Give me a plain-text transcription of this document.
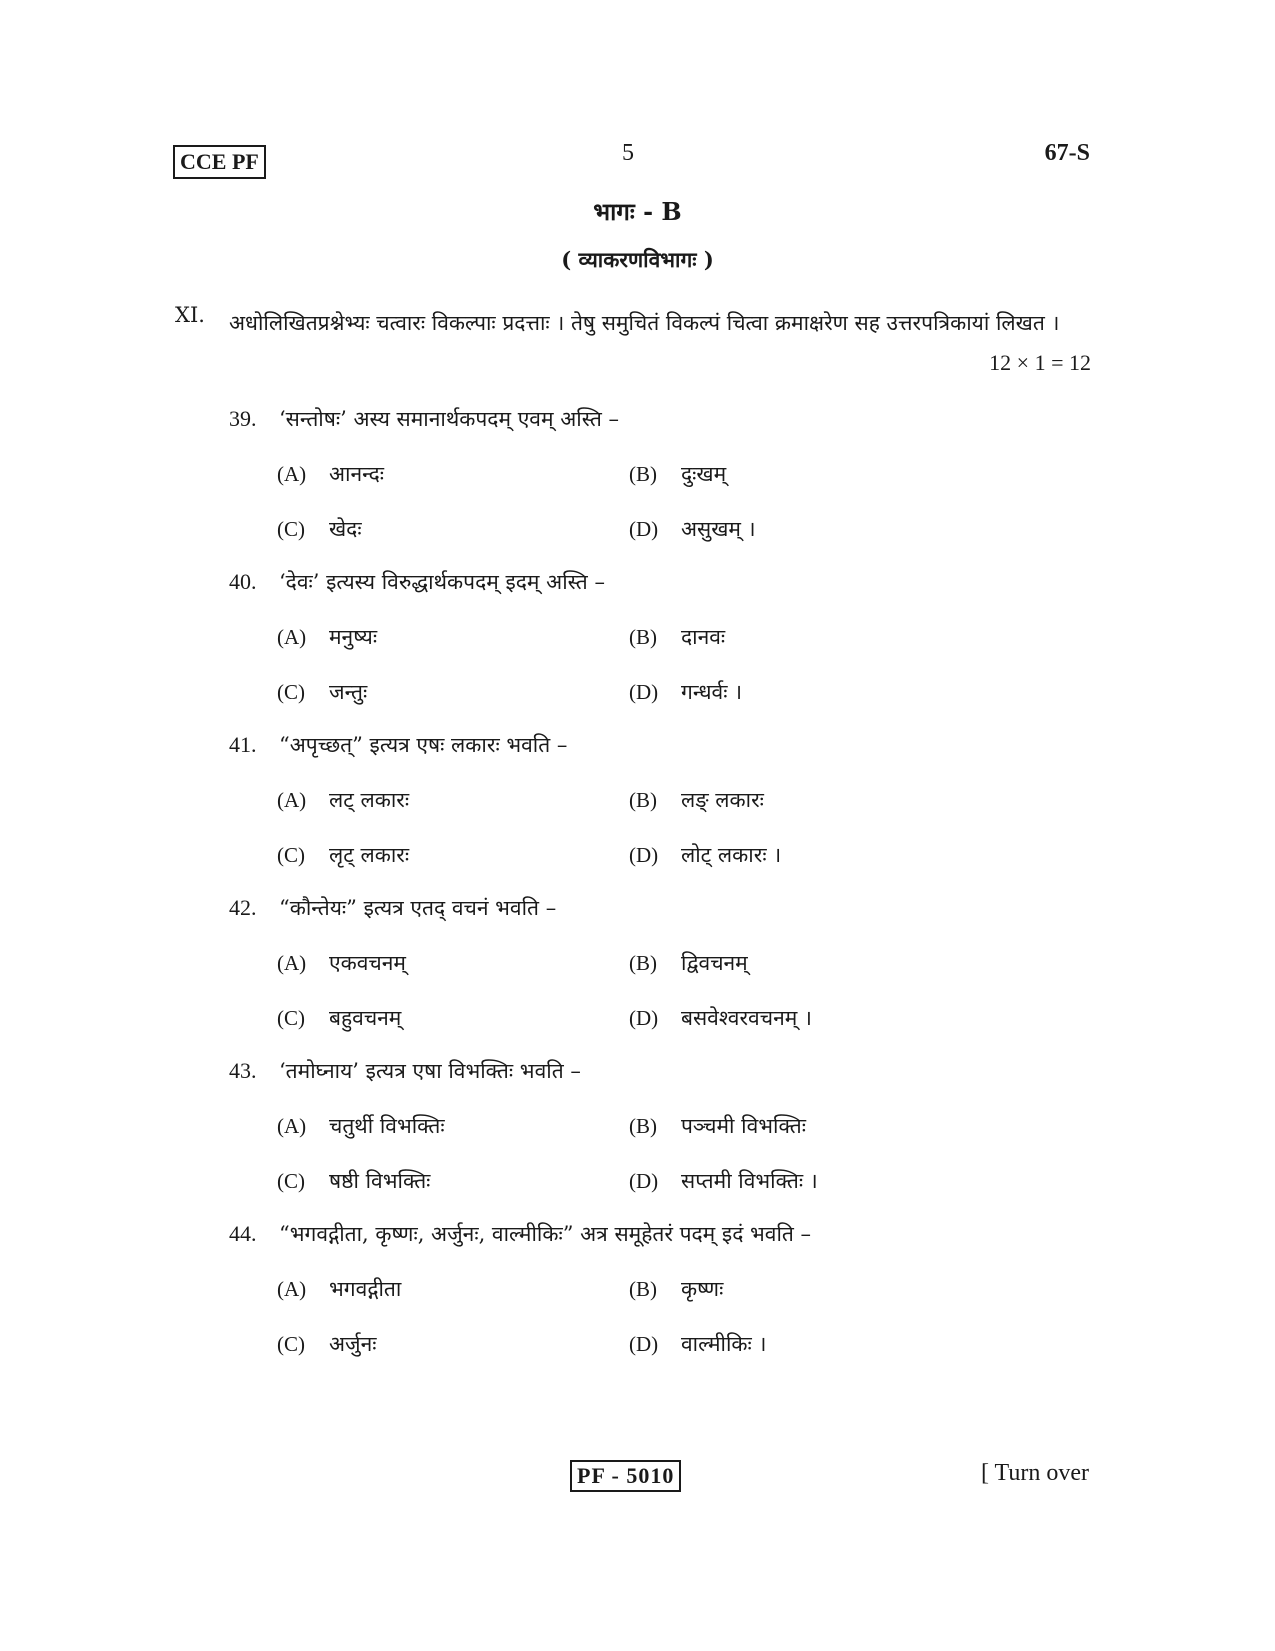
CCE PF	5	67-S
भागः - B
( व्याकरणविभागः )
XI. अधोलिखितप्रश्नेभ्यः चत्वारः विकल्पाः प्रदत्ताः । तेषु समुचितं विकल्पं चित्वा क्रमाक्षरेण सह उत्तरपत्रिकायां लिखत ।
12 × 1 = 12
39. ‘सन्तोषः’ अस्य समानार्थकपदम् एवम् अस्ति –
(A) आनन्दः	(B) दुःखम्
(C) खेदः	(D) असुखम् ।
40. ‘देवः’ इत्यस्य विरुद्धार्थकपदम् इदम् अस्ति –
(A) मनुष्यः	(B) दानवः
(C) जन्तुः	(D) गन्धर्वः ।
41. “अपृच्छत्” इत्यत्र एषः लकारः भवति –
(A) लट् लकारः	(B) लङ् लकारः
(C) लृट् लकारः	(D) लोट् लकारः ।
42. “कौन्तेयः” इत्यत्र एतद् वचनं भवति –
(A) एकवचनम्	(B) द्विवचनम्
(C) बहुवचनम्	(D) बसवेश्वरवचनम् ।
43. ‘तमोघ्नाय’ इत्यत्र एषा विभक्तिः भवति –
(A) चतुर्थी विभक्तिः	(B) पञ्चमी विभक्तिः
(C) षष्ठी विभक्तिः	(D) सप्तमी विभक्तिः ।
44. “भगवद्गीता, कृष्णः, अर्जुनः, वाल्मीकिः” अत्र समूहेतरं पदम् इदं भवति –
(A) भगवद्गीता	(B) कृष्णः
(C) अर्जुनः	(D) वाल्मीकिः ।
PF - 5010	[ Turn over
